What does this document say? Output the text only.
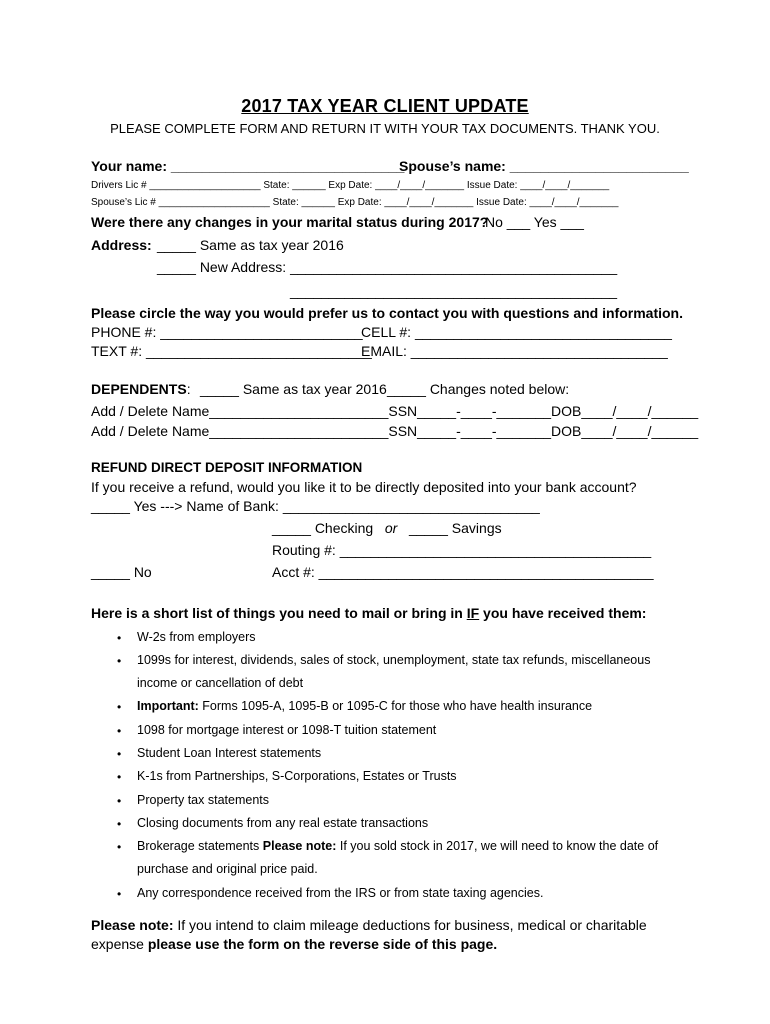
2017 TAX YEAR CLIENT UPDATE
PLEASE COMPLETE FORM AND RETURN IT WITH YOUR TAX DOCUMENTS. THANK YOU.
Your name: ______________________________
Spouse’s name: _______________________
Drivers Lic # ____________________ State: ______ Exp Date: ____/____/_______ Issue Date: ____/____/_______
Spouse’s Lic # ____________________ State: ______ Exp Date: ____/____/_______ Issue Date: ____/____/_______
Were there any changes in your marital status during 2017?
No ___ Yes ___
Address: _____ Same as tax year 2016
_____ New Address: __________________________________________
__________________________________________
Please circle the way you would prefer us to contact you with questions and information.
PHONE #: __________________________
CELL #: _________________________________
TEXT #: _____________________________
EMAIL: _________________________________
DEPENDENTS: _____ Same as tax year 2016 _____ Changes noted below:
Add / Delete Name_______________________SSN_____-____-_______DOB____/____/______
Add / Delete Name_______________________SSN_____-____-_______DOB____/____/______
REFUND DIRECT DEPOSIT INFORMATION
If you receive a refund, would you like it to be directly deposited into your bank account?
_____ Yes ---> Name of Bank: _________________________________
_____ Checking or _____ Savings
Routing #: ________________________________________
_____ No	Acct #: ___________________________________________
Here is a short list of things you need to mail or bring in IF you have received them:
• W-2s from employers
• 1099s for interest, dividends, sales of stock, unemployment, state tax refunds, miscellaneous
income or cancellation of debt
• Important: Forms 1095-A, 1095-B or 1095-C for those who have health insurance
• 1098 for mortgage interest or 1098-T tuition statement
• Student Loan Interest statements
• K-1s from Partnerships, S-Corporations, Estates or Trusts
• Property tax statements
• Closing documents from any real estate transactions
• Brokerage statements Please note: If you sold stock in 2017, we will need to know the date of
purchase and original price paid.
• Any correspondence received from the IRS or from state taxing agencies.
Please note: If you intend to claim mileage deductions for business, medical or charitable
expense please use the form on the reverse side of this page.
